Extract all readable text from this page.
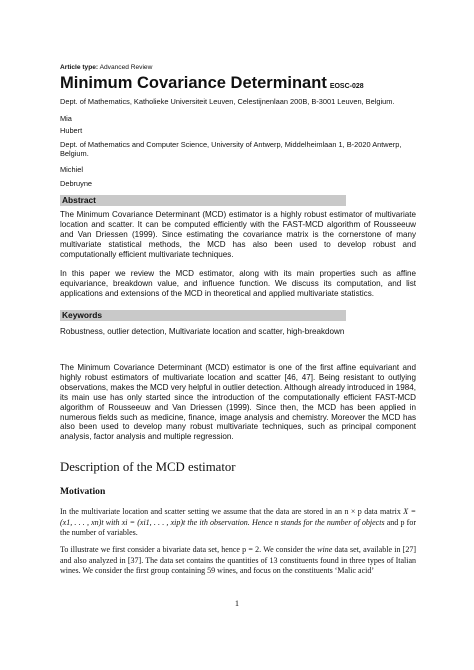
Article type: Advanced Review

Minimum Covariance Determinant EOSC-028

Dept. of Mathematics, Katholieke Universiteit Leuven, Celestijnenlaan 200B, B-3001 Leuven, Belgium.

Mia

Hubert

Dept. of Mathematics and Computer Science, University of Antwerp, Middelheimlaan 1, B-2020 Antwerp, Belgium.

Michiel

Debruyne

Abstract

The Minimum Covariance Determinant (MCD) estimator is a highly robust estimator of multivariate location and scatter. It can be computed efficiently with the FAST-MCD algorithm of Rousseeuw and Van Driessen (1999). Since estimating the covariance matrix is the cornerstone of many multivariate statistical methods, the MCD has also been used to develop robust and computationally efficient multivariate techniques.

In this paper we review the MCD estimator, along with its main properties such as affine equivariance, breakdown value, and influence function. We discuss its computation, and list applications and extensions of the MCD in theoretical and applied multivariate statistics.

Keywords

Robustness, outlier detection, Multivariate location and scatter, high-breakdown

The Minimum Covariance Determinant (MCD) estimator is one of the first affine equivariant and highly robust estimators of multivariate location and scatter [46, 47]. Being resistant to outlying observations, makes the MCD very helpful in outlier detection. Although already introduced in 1984, its main use has only started since the introduction of the computationally efficient FAST-MCD algorithm of Rousseeuw and Van Driessen (1999). Since then, the MCD has been applied in numerous fields such as medicine, finance, image analysis and chemistry. Moreover the MCD has also been used to develop many robust multivariate techniques, such as principal component analysis, factor analysis and multiple regression.

Description of the MCD estimator

Motivation

In the multivariate location and scatter setting we assume that the data are stored in an n × p data matrix X = (x1, . . . , xn)t with xi = (xi1, . . . , xip)t the ith observation. Hence n stands for the number of objects and p for the number of variables.

To illustrate we first consider a bivariate data set, hence p = 2. We consider the wine data set, available in [27] and also analyzed in [37]. The data set contains the quantities of 13 constituents found in three types of Italian wines. We consider the first group containing 59 wines, and focus on the constituents ‘Malic acid’

1
